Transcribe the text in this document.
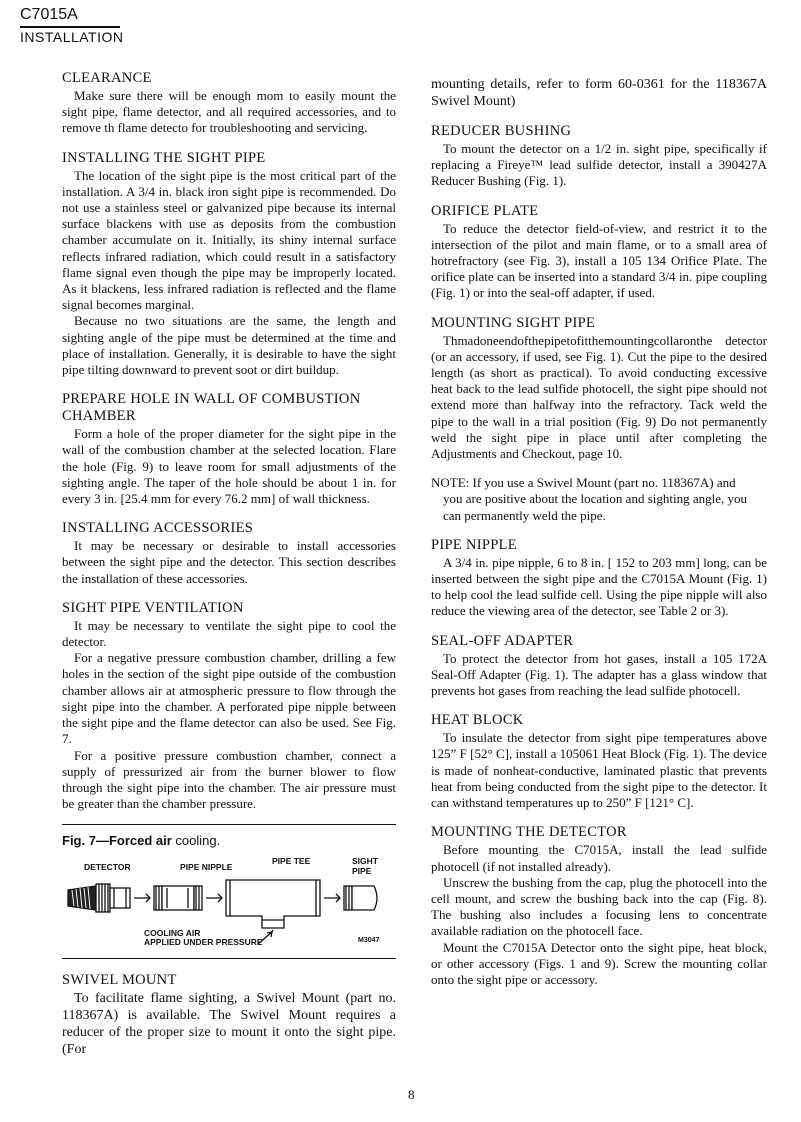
C7015A
INSTALLATION
CLEARANCE

Make sure there will be enough mom to easily mount the sight pipe, flame detector, and all required accessories, and to remove th flame detecto for troubleshooting and servicing.

INSTALLING THE SIGHT PIPE

The location of the sight pipe is the most critical part of the installation. A 3/4 in. black iron sight pipe is recommended. Do not use a stainless steel or galvanized pipe because its internal surface blackens with use as deposits from the combustion chamber accumulate on it. Initially, its shiny internal surface reflects infrared radiation, which could result in a satisfactory flame signal even though the pipe may be improperly located. As it blackens, less infrared radiation is reflected and the flame signal becomes marginal.

Because no two situations are the same, the length and sighting angle of the pipe must be determined at the time and place of installation. Generally, it is desirable to have the sight pipe tilting downward to prevent soot or dirt buildup.

PREPARE HOLE IN WALL OF COMBUSTION
CHAMBER

Form a hole of the proper diameter for the sight pipe in the wall of the combustion chamber at the selected location. Flare the hole (Fig. 9) to leave room for small adjustments of the sighting angle. The taper of the hole should be about 1 in. for every 3 in. [25.4 mm for every 76.2 mm] of wall thickness.

INSTALLING ACCESSORIES

It may be necessary or desirable to install accessories between the sight pipe and the detector. This section describes the installation of these accessories.

SIGHT PIPE VENTILATION

It may be necessary to ventilate the sight pipe to cool the detector.

For a negative pressure combustion chamber, drilling a few holes in the section of the sight pipe outside of the combustion chamber allows air at atmospheric pressure to flow through the sight pipe into the chamber. A perforated pipe nipple between the sight pipe and the flame detector can also be used. See Fig. 7.

For a positive pressure combustion chamber, connect a supply of pressurized air from the burner blower to flow through the sight pipe into the chamber. The air pressure must be greater than the chamber pressure.

Fig. 7—Forced air cooling.
DETECTOR	PIPE NIPPLE
PIPE TEE	SIGHT
PIPE
COOLING AIR
APPLIED UNDER PRESSURE	M3047
SWIVEL MOUNT

To facilitate flame sighting, a Swivel Mount (part no. 118367A) is available. The Swivel Mount requires a reducer of the proper size to mount it onto the sight pipe. (For

mounting details, refer to form 60-0361 for the 118367A Swivel Mount)

REDUCER BUSHING

To mount the detector on a 1/2 in. sight pipe, specifically if replacing a Fireye™ lead sulfide detector, install a 390427A Reducer Bushing (Fig. 1).

ORIFICE PLATE

To reduce the detector field-of-view, and restrict it to the intersection of the pilot and main flame, or to a small area of hotrefractory (see Fig. 3), install a 105 134 Orifice Plate. The orifice plate can be inserted into a standard 3/4 in. pipe coupling (Fig. 1) or into the seal-off adapter, if used.

MOUNTING SIGHT PIPE

Thmadoneendofthepipetofitthemountingcollaronthe detector (or an accessory, if used, see Fig. 1). Cut the pipe to the desired length (as short as practical). To avoid conducting excessive heat back to the lead sulfide photocell, the sight pipe should not extend more than halfway into the refractory. Tack weld the pipe to the wall in a trial position (Fig. 9) Do not permanently weld the sight pipe in place until after completing the Adjustments and Checkout, page 10.

NOTE: If you use a Swivel Mount (part no. 118367A) and
you are positive about the location and sighting angle, you can permanently weld the pipe.
PIPE NIPPLE

A 3/4 in. pipe nipple, 6 to 8 in. [ 152 to 203 mm] long, can be inserted between the sight pipe and the C7015A Mount (Fig. 1) to help cool the lead sulfide cell. Using the pipe nipple will also reduce the viewing area of the detector, see Table 2 or 3).

SEAL-OFF ADAPTER

To protect the detector from hot gases, install a 105 172A Seal-Off Adapter (Fig. 1). The adapter has a glass window that prevents hot gases from reaching the lead sulfide photocell.

HEAT BLOCK

To insulate the detector from sight pipe temperatures above 125” F [52° C], install a 105061 Heat Block (Fig. 1). The device is made of nonheat-conductive, laminated plastic that prevents heat from being conducted from the sight pipe to the detector. It can withstand temperatures up to 250” F [121° C].

MOUNTING THE DETECTOR

Before mounting the C7015A, install the lead sulfide photocell (if not installed already).

Unscrew the bushing from the cap, plug the photocell into the cell mount, and screw the bushing back into the cap (Fig. 8). The bushing also includes a focusing lens to concentrate available radiation on the photocell face.

Mount the C7015A Detector onto the sight pipe, heat block, or other accessory (Figs. 1 and 9). Screw the mounting collar onto the sight pipe or accessory.

8
